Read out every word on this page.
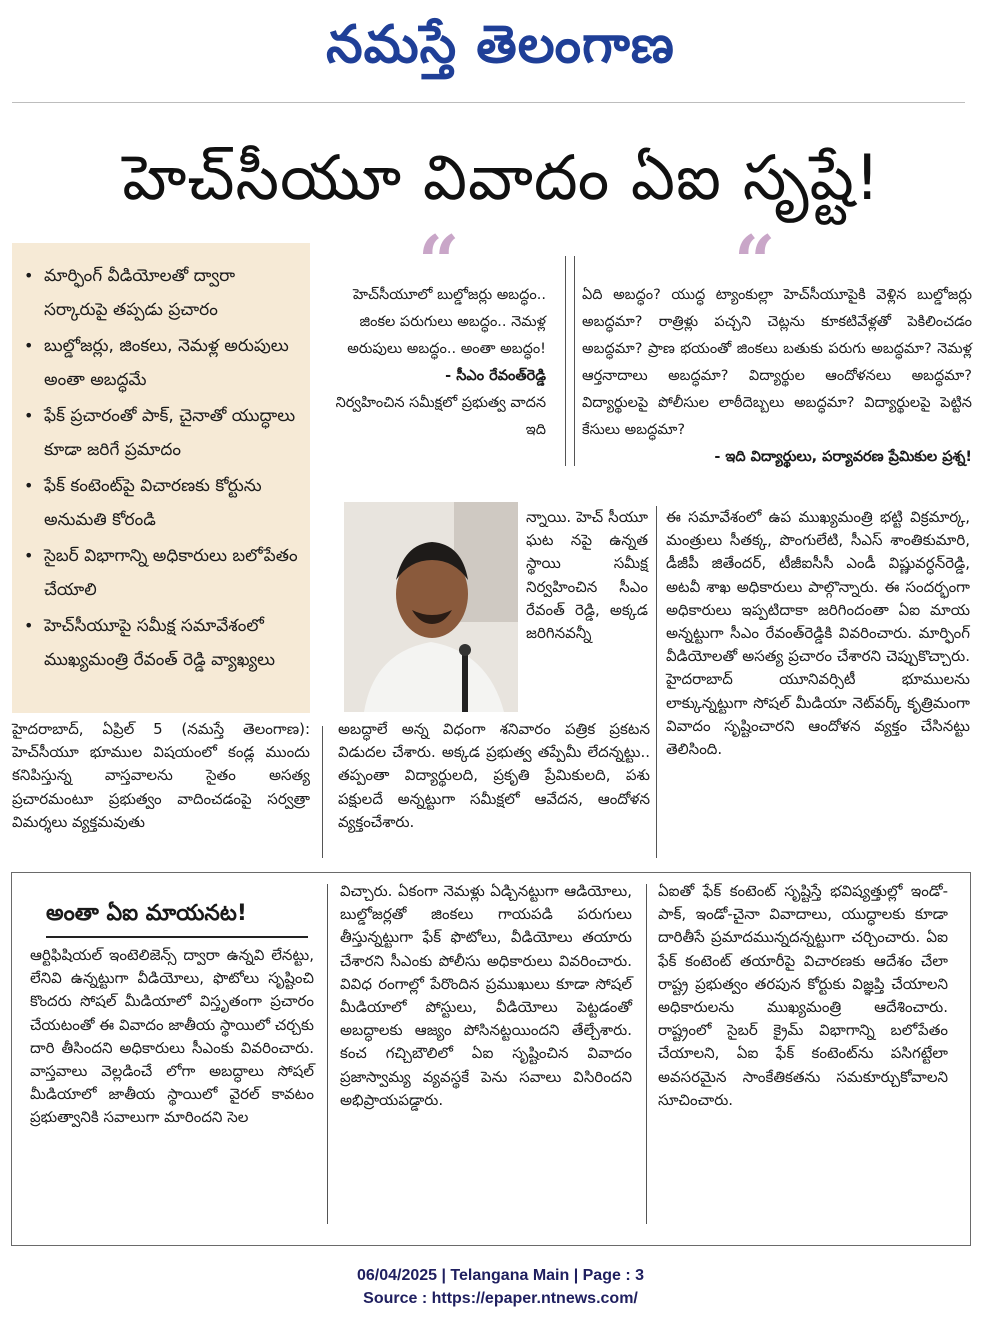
నమస్తే తెలంగాణ
హెచ్‌సీయూ వివాదం ఏఐ సృష్టే!
• మార్ఫింగ్ వీడియోలతో ద్వారా సర్కారుపై తప్పడు ప్రచారం
• బుల్డోజర్లు, జింకలు, నెమళ్ల అరుపులు అంతా అబద్ధమే
• ఫేక్ ప్రచారంతో పాక్, చైనాతో యుద్ధాలు కూడా జరిగే ప్రమాదం
• ఫేక్ కంటెంట్‌పై విచారణకు కోర్టును అనుమతి కోరండి
• సైబర్ విభాగాన్ని అధికారులు బలోపేతం చేయాలి
• హెచ్‌సీయూపై సమీక్ష సమావేశంలో ముఖ్యమంత్రి రేవంత్ రెడ్డి వ్యాఖ్యలు
“	“
హెచ్‌సీయూలో బుల్డోజర్లు అబద్ధం.. జింకల పరుగులు అబద్ధం.. నెమళ్ల అరుపులు అబద్ధం.. అంతా అబద్ధం!
- సీఎం రేవంత్‌రెడ్డి
నిర్వహించిన సమీక్షలో ప్రభుత్వ వాదన ఇది
ఏది అబద్ధం? యుద్ధ ట్యాంకుల్లా హెచ్‌సీయూపైకి వెళ్లిన బుల్డోజర్లు అబద్ధమా? రాత్రిళ్లు పచ్చని చెట్లను కూకటివేళ్లతో పెకిలించడం అబద్ధమా? ప్రాణ భయంతో జింకలు బతుకు పరుగు అబద్ధమా? నెమళ్ల ఆర్తనాదాలు అబద్ధమా? విద్యార్థుల ఆందోళనలు అబద్ధమా? విద్యార్థులపై పోలీసుల లాఠీదెబ్బలు అబద్ధమా? విద్యార్థులపై పెట్టిన కేసులు అబద్ధమా?
- ఇది విద్యార్థులు, పర్యావరణ ప్రేమికుల ప్రశ్న!
న్నాయి. హెచ్ సీయూ ఘట నపై ఉన్నత స్థాయి సమీక్ష నిర్వహించిన సీఎం రేవంత్ రెడ్డి, అక్కడ జరిగినవన్నీ
అబద్ధాలే అన్న విధంగా శనివారం పత్రిక ప్రకటన విడుదల చేశారు. అక్కడ ప్రభుత్వ తప్పేమీ లేదన్నట్టు.. తప్పంతా విద్యార్థులది, ప్రకృతి ప్రేమికులది, పశు పక్షులదే అన్నట్టుగా సమీక్షలో ఆవేదన, ఆందోళన వ్యక్తంచేశారు.
హైదరాబాద్, ఏప్రిల్ 5 (నమస్తే తెలంగాణ): హెచ్‌సీయూ భూముల విషయంలో కండ్ల ముందు కనిపిస్తున్న వాస్తవాలను సైతం అసత్య ప్రచారమంటూ ప్రభుత్వం వాదించడంపై సర్వత్రా విమర్శలు వ్యక్తమవుతు
ఈ సమావేశంలో ఉప ముఖ్యమంత్రి భట్టి విక్రమార్క, మంత్రులు సీతక్క, పొంగులేటి, సీఎస్ శాంతికుమారి, డీజీపీ జితేందర్, టీజీఐసీసీ ఎండీ విష్ణువర్ధన్‌రెడ్డి, అటవీ శాఖ అధికారులు పాల్గొన్నారు. ఈ సందర్భంగా అధికారులు ఇప్పటిదాకా జరిగిందంతా ఏఐ మాయ అన్నట్టుగా సీఎం రేవంత్‌రెడ్డికి వివరించారు. మార్ఫింగ్ వీడియోలతో అసత్య ప్రచారం చేశారని చెప్పుకొచ్చారు. హైదరాబాద్ యూనివర్సిటీ భూములను లాక్కున్నట్టుగా సోషల్ మీడియా నెట్‌వర్క్ కృత్రిమంగా వివాదం సృష్టించారని ఆందోళన వ్యక్తం చేసినట్టు తెలిసింది.
అంతా ఏఐ మాయనట!
ఆర్టిఫిషియల్ ఇంటెలిజెన్స్ ద్వారా ఉన్నవి లేనట్టు, లేనివి ఉన్నట్టుగా వీడియోలు, ఫొటోలు సృష్టించి కొందరు సోషల్ మీడియాలో విస్తృతంగా ప్రచారం చేయటంతో ఈ వివాదం జాతీయ స్థాయిలో చర్చకు దారి తీసిందని అధికారులు సీఎంకు వివరించారు. వాస్తవాలు వెల్లడించే లోగా అబద్ధాలు సోషల్ మీడియాలో జాతీయ స్థాయిలో వైరల్ కావటం ప్రభుత్వానికి సవాలుగా మారిందని సెల
విచ్చారు. ఏకంగా నెమళ్లు ఏడ్చినట్టుగా ఆడియోలు, బుల్డోజర్లతో జింకలు గాయపడి పరుగులు తీస్తున్నట్టుగా ఫేక్ ఫొటోలు, వీడియోలు తయారు చేశారని సీఎంకు పోలీసు అధికారులు వివరించారు. వివిధ రంగాల్లో పేరొందిన ప్రముఖులు కూడా సోషల్ మీడియాలో పోస్టులు, వీడియోలు పెట్టడంతో అబద్ధాలకు ఆజ్యం పోసినట్టయిందని తేల్చేశారు. కంచ గచ్చిబౌలిలో ఏఐ సృష్టించిన వివాదం ప్రజాస్వామ్య వ్యవస్థకే పెను సవాలు విసిరిందని అభిప్రాయపడ్డారు.
ఏఐతో ఫేక్ కంటెంట్ సృష్టిస్తే భవిష్యత్తుల్లో ఇండో-పాక్, ఇండో-చైనా వివాదాలు, యుద్ధాలకు కూడా దారితీసే ప్రమాదమున్నదన్నట్టుగా చర్చించారు. ఏఐ ఫేక్ కంటెంట్ తయారీపై విచారణకు ఆదేశం చేలా రాష్ట్ర ప్రభుత్వం తరపున కోర్టుకు విజ్ఞప్తి చేయాలని అధికారులను ముఖ్యమంత్రి ఆదేశించారు. రాష్ట్రంలో సైబర్ క్రైమ్ విభాగాన్ని బలోపేతం చేయాలని, ఏఐ ఫేక్ కంటెంట్‌ను పసిగట్టేలా అవసరమైన సాంకేతికతను సమకూర్చుకోవాలని సూచించారు.
06/04/2025 | Telangana Main | Page : 3
Source : https://epaper.ntnews.com/
